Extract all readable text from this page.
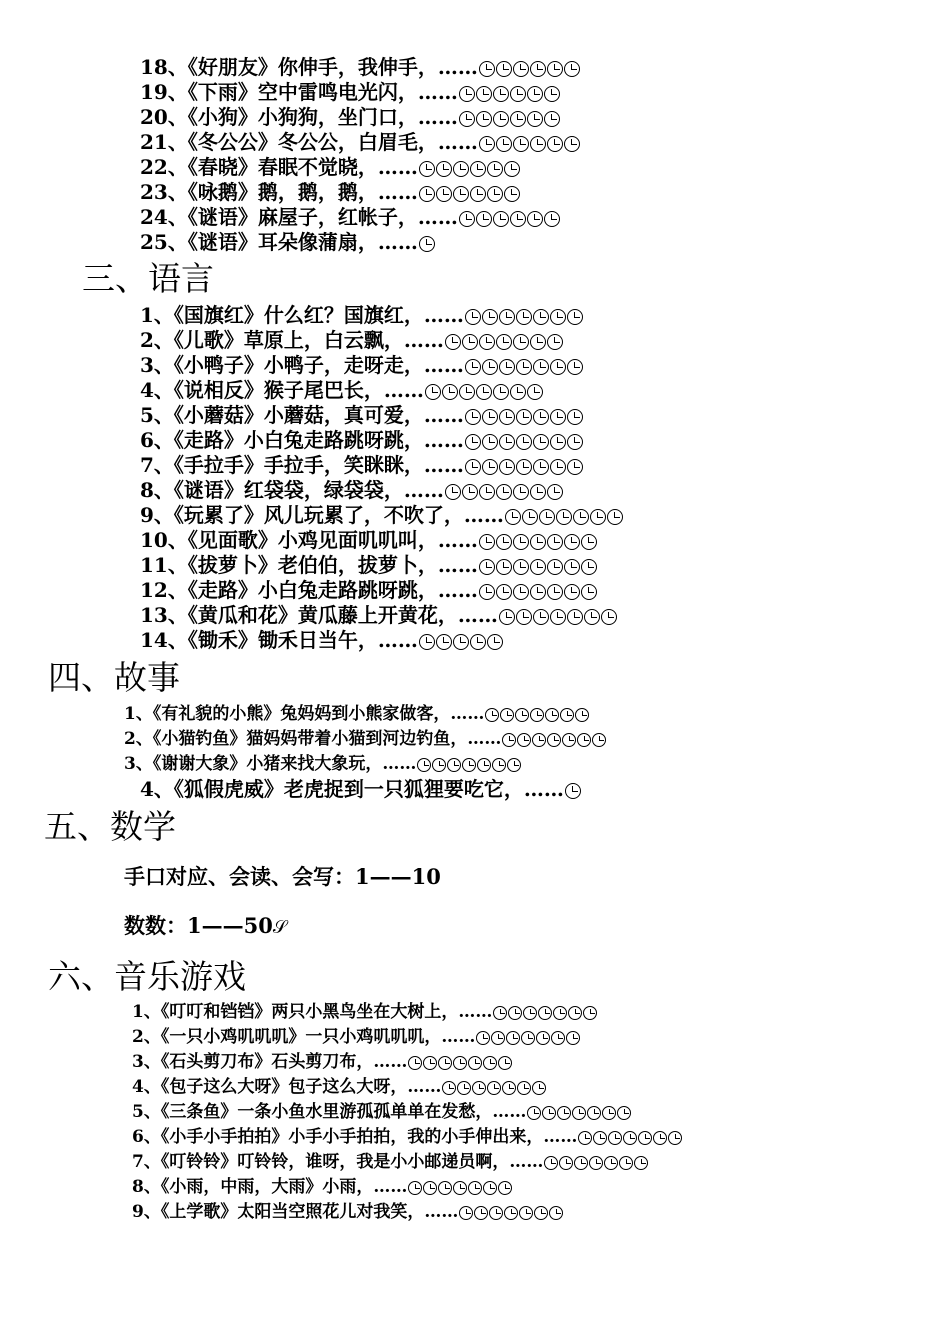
18、《好朋友》你伸手，我伸手，……
19、《下雨》空中雷鸣电光闪，……
20、《小狗》小狗狗，坐门口，……
21、《冬公公》冬公公，白眉毛，……
22、《春晓》春眠不觉晓，……
23、《咏鹅》鹅，鹅，鹅，……
24、《谜语》麻屋子，红帐子，……
25、《谜语》耳朵像蒲扇，……
三、语言
1、《国旗红》什么红？国旗红，……
2、《儿歌》草原上，白云飘，……
3、《小鸭子》小鸭子，走呀走，……
4、《说相反》猴子尾巴长，……
5、《小蘑菇》小蘑菇，真可爱，……
6、《走路》小白兔走路跳呀跳，……
7、《手拉手》手拉手，笑眯眯，……
8、《谜语》红袋袋，绿袋袋，……
9、《玩累了》风儿玩累了，不吹了，……
10、《见面歌》小鸡见面叽叽叫，……
11、《拔萝卜》老伯伯，拔萝卜，……
12、《走路》小白兔走路跳呀跳，……
13、《黄瓜和花》黄瓜藤上开黄花，……
14、《锄禾》锄禾日当午，……
四、故事
1、《有礼貌的小熊》兔妈妈到小熊家做客，……
2、《小猫钓鱼》猫妈妈带着小猫到河边钓鱼，……
3、《谢谢大象》小猪来找大象玩，……
4、《狐假虎威》老虎捉到一只狐狸要吃它，……
五、数学
手口对应、会读、会写：1——10
数数：1——50𝒮
六、音乐游戏
1、《叮叮和铛铛》两只小黑鸟坐在大树上，……
2、《一只小鸡叽叽叽》一只小鸡叽叽叽，……
3、《石头剪刀布》石头剪刀布，……
4、《包子这么大呀》包子这么大呀，……
5、《三条鱼》一条小鱼水里游孤孤单单在发愁，……
6、《小手小手拍拍》小手小手拍拍，我的小手伸出来，……
7、《叮铃铃》叮铃铃，谁呀，我是小小邮递员啊，……
8、《小雨，中雨，大雨》小雨，……
9、《上学歌》太阳当空照花儿对我笑，……
